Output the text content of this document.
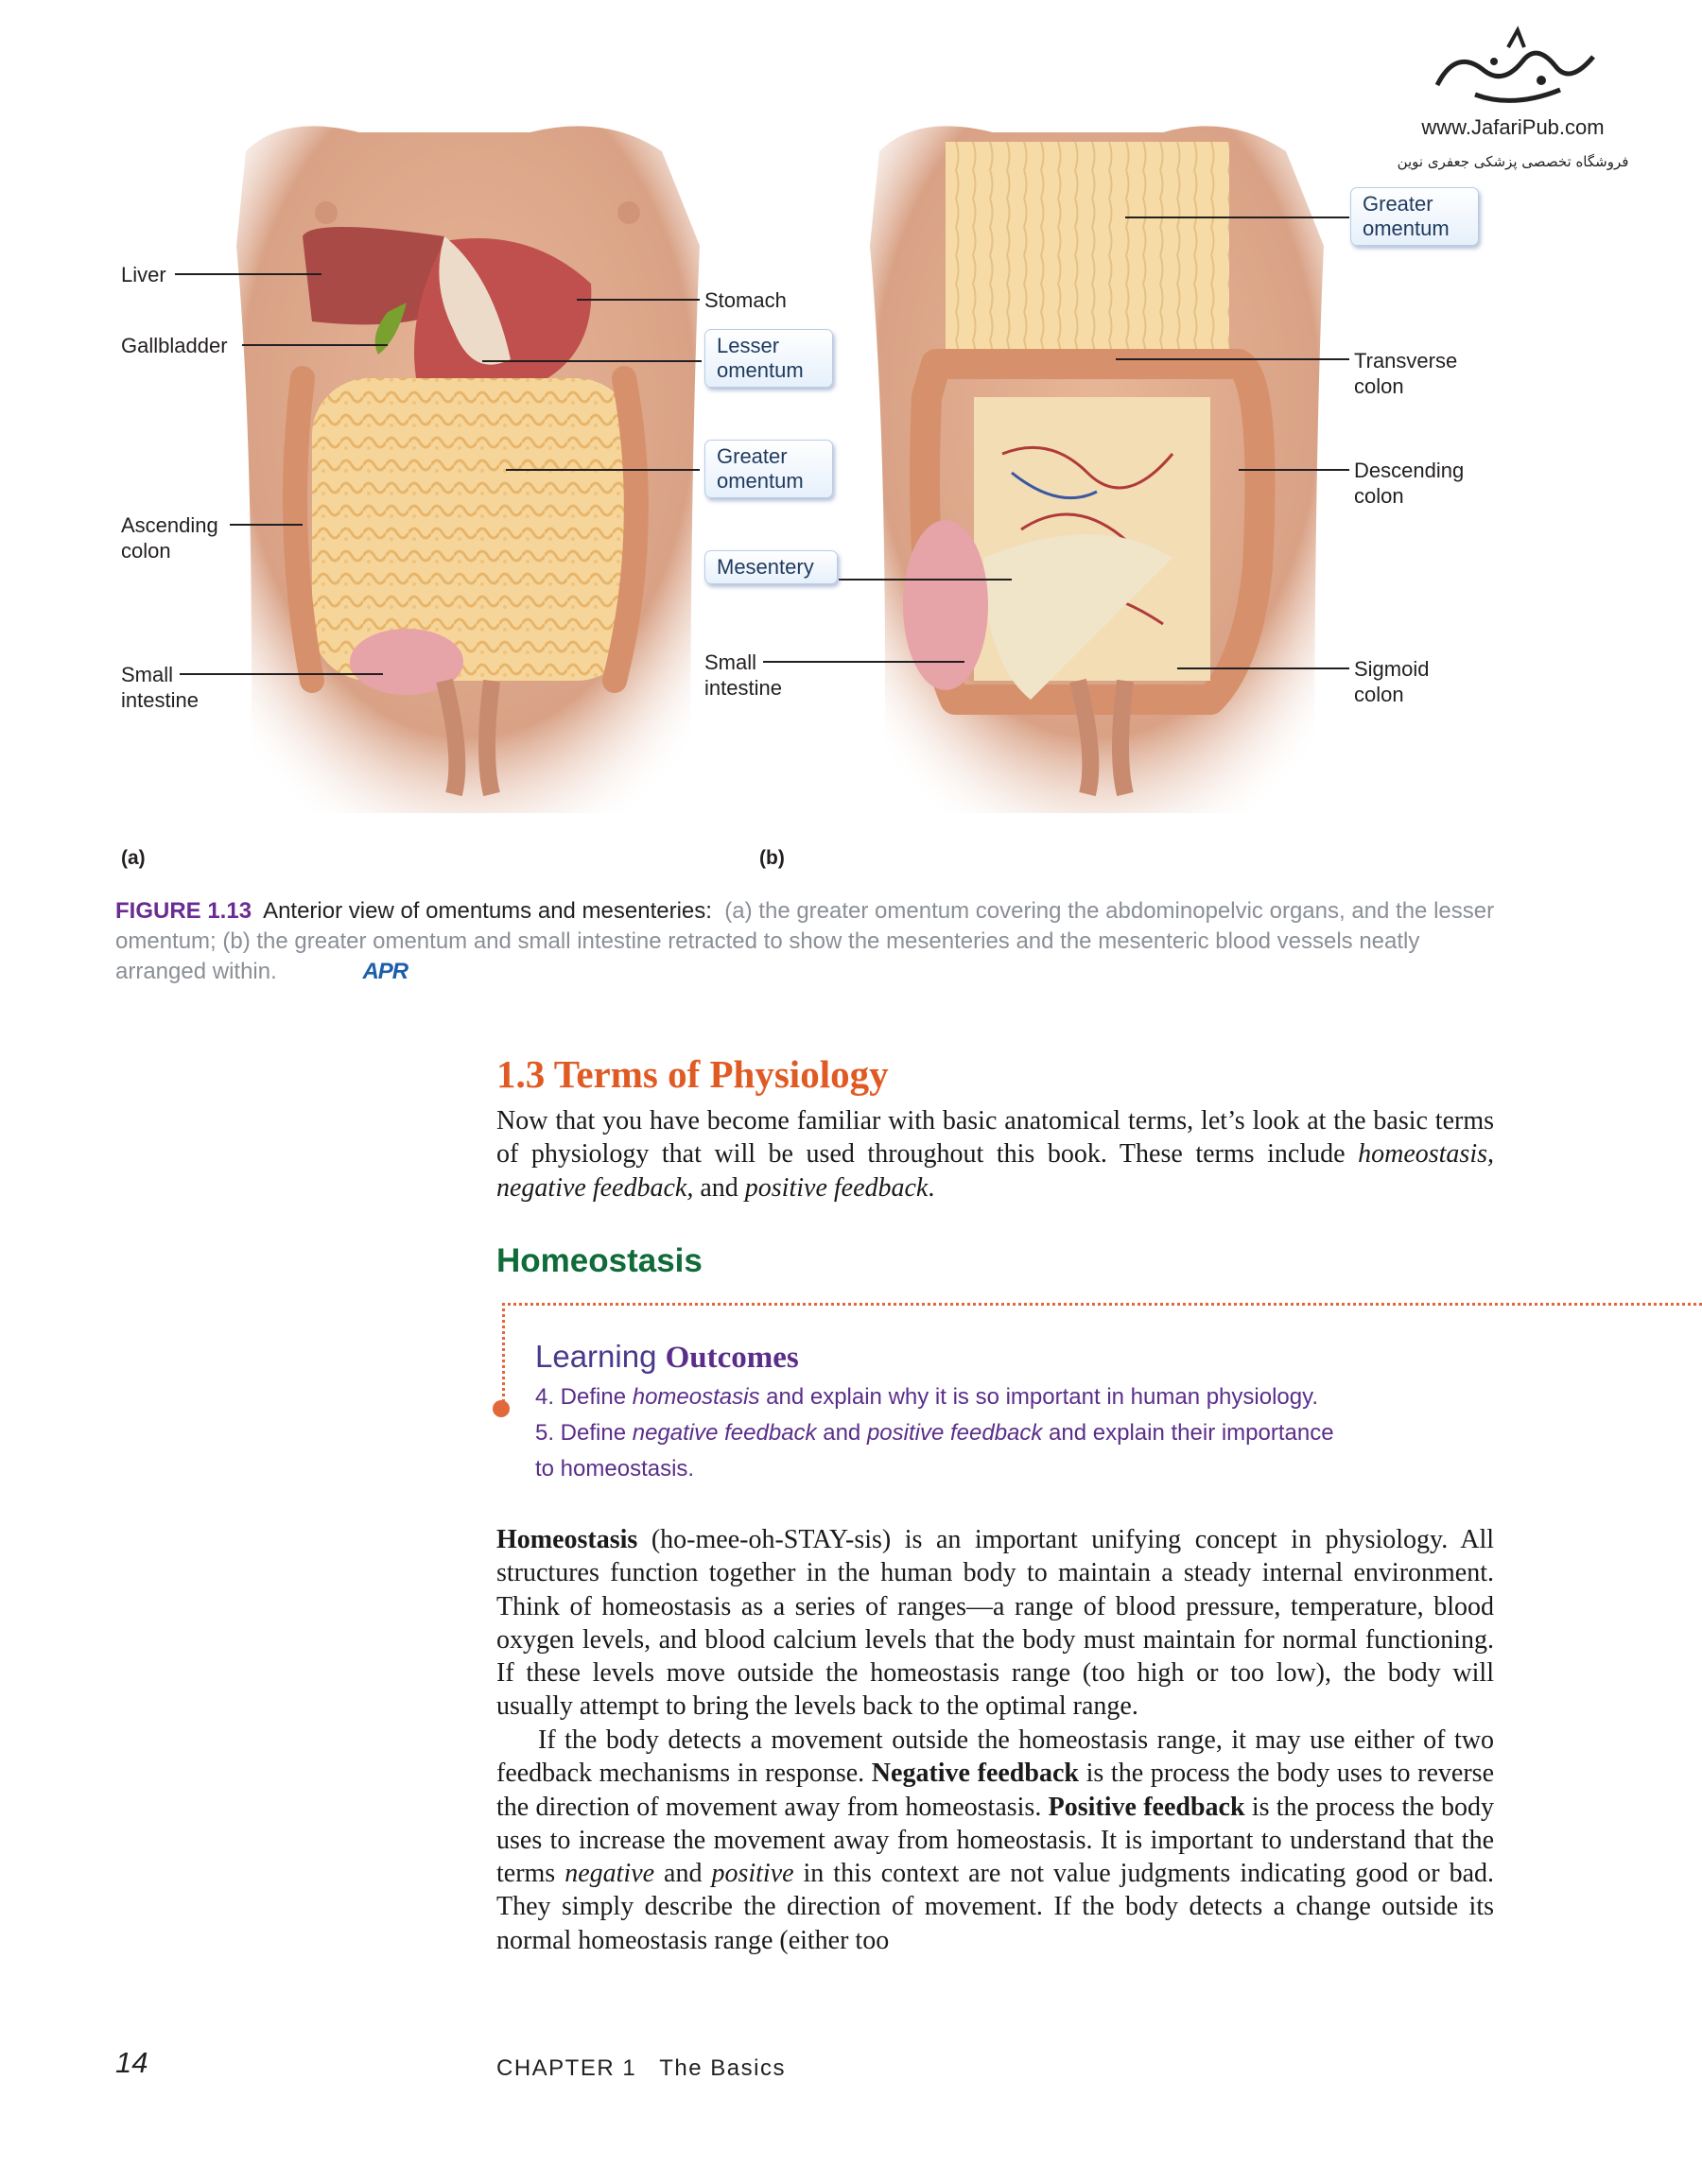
www.JafariPub.com
فروشگاه تخصصی پزشکی جعفری نوین
Liver
Gallbladder
Ascending colon
Small intestine
Stomach
Lesser omentum
Greater omentum
Mesentery
Small intestine
Greater omentum
Transverse colon
Descending colon
Sigmoid colon
(a)	(b)
FIGURE 1.13 Anterior view of omentums and mesenteries: (a) the greater omentum covering the abdominopelvic organs, and the lesser omentum; (b) the greater omentum and small intestine retracted to show the mesenteries and the mesenteric blood vessels neatly arranged within.	APR
1.3 Terms of Physiology
Now that you have become familiar with basic anatomical terms, let’s look at the basic terms of physiology that will be used throughout this book. These terms include homeostasis, negative feedback, and positive feedback.
Homeostasis
Learning Outcomes
4. Define homeostasis and explain why it is so important in human physiology.
5. Define negative feedback and positive feedback and explain their importance
to homeostasis.
Homeostasis (ho-mee-oh-STAY-sis) is an important unifying concept in physiology. All structures function together in the human body to maintain a steady internal environment. Think of homeostasis as a series of ranges—a range of blood pressure, temperature, blood oxygen levels, and blood calcium levels that the body must maintain for normal functioning. If these levels move outside the homeostasis range (too high or too low), the body will usually attempt to bring the levels back to the optimal range.
If the body detects a movement outside the homeostasis range, it may use either of two feedback mechanisms in response. Negative feedback is the process the body uses to reverse the direction of movement away from homeostasis. Positive feedback is the process the body uses to increase the movement away from homeostasis. It is important to understand that the terms negative and positive in this context are not value judgments indicating good or bad. They simply describe the direction of movement. If the body detects a change outside its normal homeostasis range (either too
14	CHAPTER 1   The Basics
